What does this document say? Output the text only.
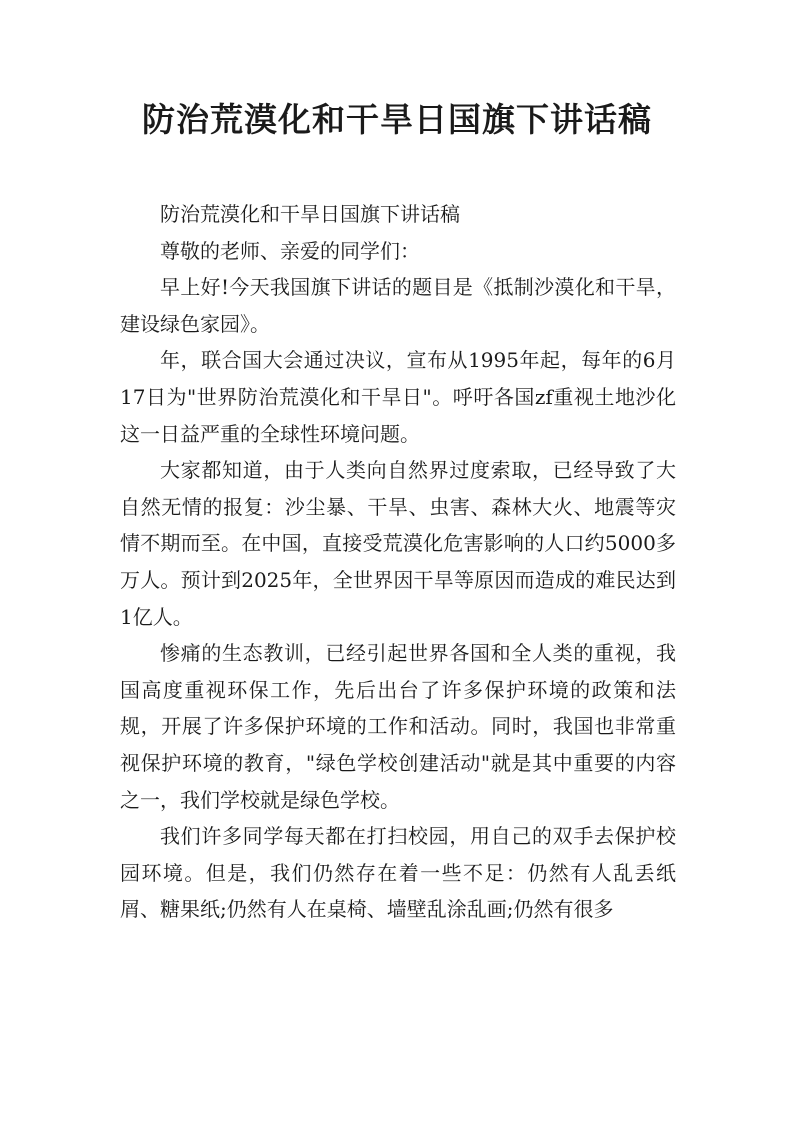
防治荒漠化和干旱日国旗下讲话稿

防治荒漠化和干旱日国旗下讲话稿

尊敬的老师、亲爱的同学们：

早上好!今天我国旗下讲话的题目是《抵制沙漠化和干旱，建设绿色家园》。

年，联合国大会通过决议，宣布从1995年起，每年的6月17日为"世界防治荒漠化和干旱日"。呼吁各国zf重视土地沙化这一日益严重的全球性环境问题。

大家都知道，由于人类向自然界过度索取，已经导致了大自然无情的报复：沙尘暴、干旱、虫害、森林大火、地震等灾情不期而至。在中国，直接受荒漠化危害影响的人口约5000多万人。预计到2025年，全世界因干旱等原因而造成的难民达到1亿人。

惨痛的生态教训，已经引起世界各国和全人类的重视，我国高度重视环保工作，先后出台了许多保护环境的政策和法规，开展了许多保护环境的工作和活动。同时，我国也非常重视保护环境的教育，"绿色学校创建活动"就是其中重要的内容之一，我们学校就是绿色学校。

我们许多同学每天都在打扫校园，用自己的双手去保护校园环境。但是，我们仍然存在着一些不足：仍然有人乱丢纸屑、糖果纸;仍然有人在桌椅、墙壁乱涂乱画;仍然有很多
